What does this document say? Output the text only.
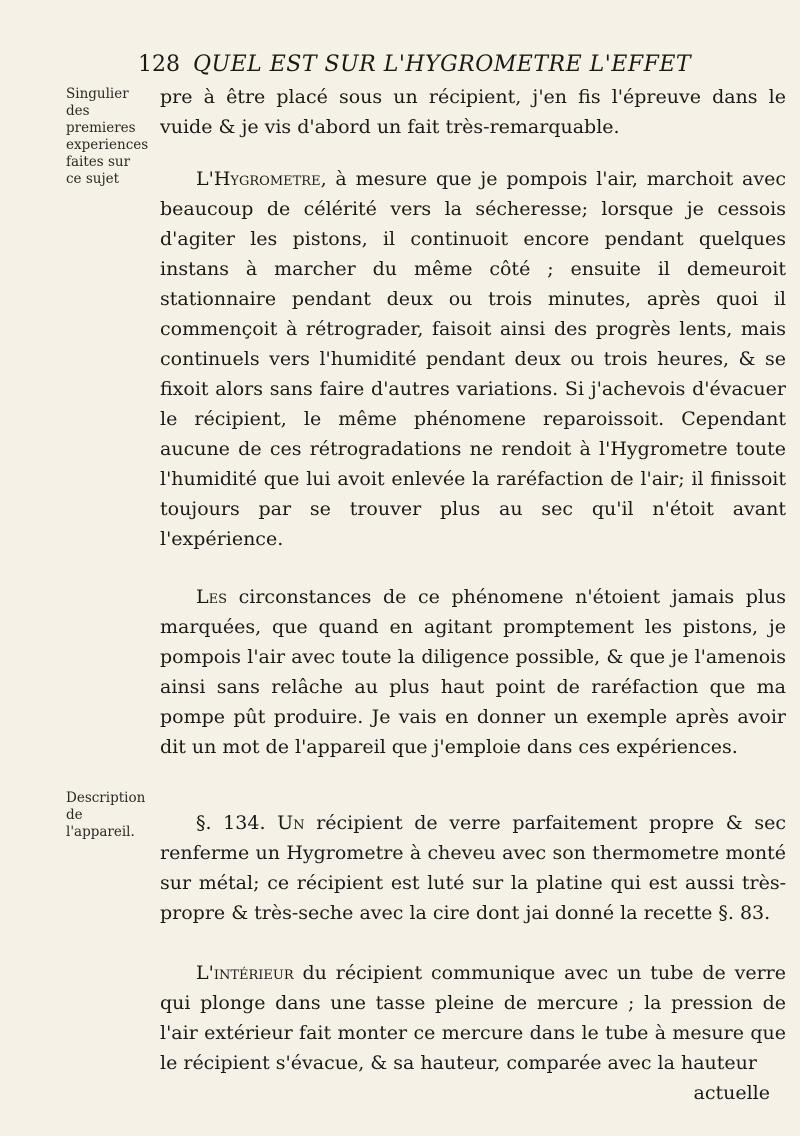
128 QUEL EST SUR L'HYGROMETRE L'EFFET
Singulier des premieres experiences faites sur ce sujet
Description de l'appareil.

pre à être placé sous un récipient, j'en fis l'épreuve dans le vuide & je vis d'abord un fait très-remarquable.

L'Hygrometre, à mesure que je pompois l'air, marchoit avec beaucoup de célérité vers la sécheresse; lorsque je cessois d'agiter les pistons, il continuoit encore pendant quelques instans à marcher du même côté ; ensuite il demeuroit stationnaire pendant deux ou trois minutes, après quoi il commençoit à rétrograder, faisoit ainsi des progrès lents, mais continuels vers l'humidité pendant deux ou trois heures, & se fixoit alors sans faire d'autres variations. Si j'achevois d'évacuer le récipient, le même phénomene reparoissoit. Cependant aucune de ces rétrogradations ne rendoit à l'Hygrometre toute l'humidité que lui avoit enlevée la raréfaction de l'air; il finissoit toujours par se trouver plus au sec qu'il n'étoit avant l'expérience.

Les circonstances de ce phénomene n'étoient jamais plus marquées, que quand en agitant promptement les pistons, je pompois l'air avec toute la diligence possible, & que je l'amenois ainsi sans relâche au plus haut point de raréfaction que ma pompe pût produire. Je vais en donner un exemple après avoir dit un mot de l'appareil que j'emploie dans ces expériences.

§. 134. Un récipient de verre parfaitement propre & sec renferme un Hygrometre à cheveu avec son thermometre monté sur métal; ce récipient est luté sur la platine qui est aussi très-propre & très-seche avec la cire dont jai donné la recette §. 83.

L'intérieur du récipient communique avec un tube de verre qui plonge dans une tasse pleine de mercure ; la pression de l'air extérieur fait monter ce mercure dans le tube à mesure que le récipient s'évacue, & sa hauteur, comparée avec la hauteur

actuelle
